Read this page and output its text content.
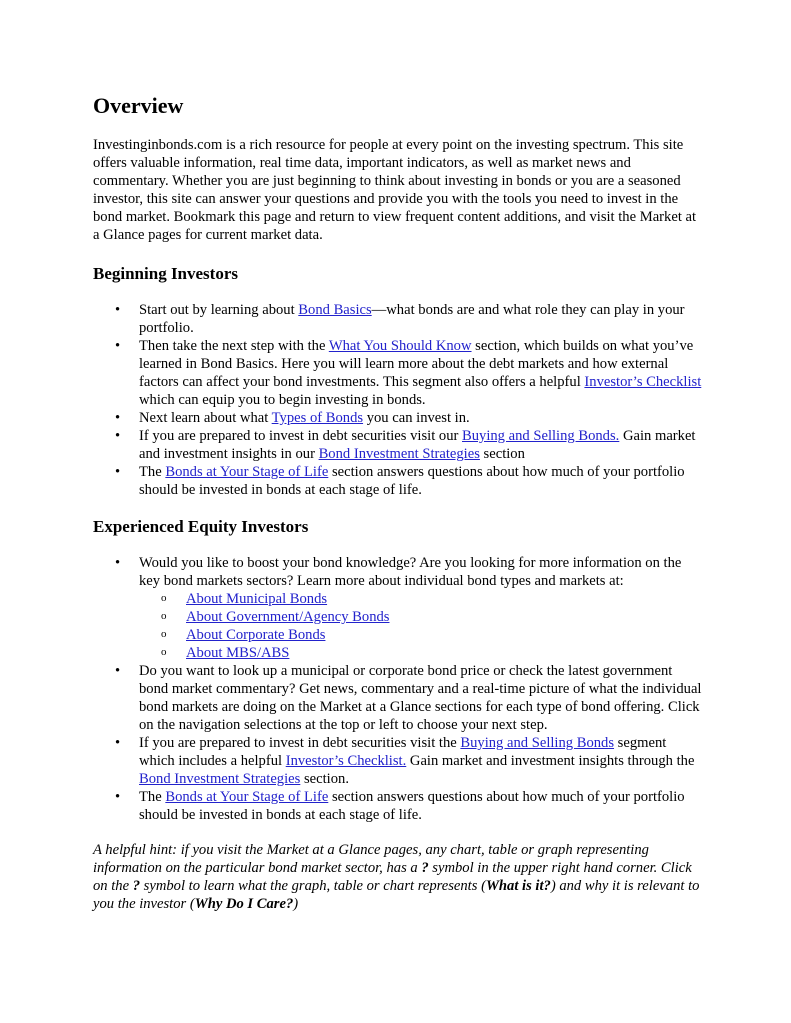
Overview

Investinginbonds.com is a rich resource for people at every point on the investing spectrum. This site offers valuable information, real time data, important indicators, as well as market news and commentary. Whether you are just beginning to think about investing in bonds or you are a seasoned investor, this site can answer your questions and provide you with the tools you need to invest in the bond market. Bookmark this page and return to view frequent content additions, and visit the Market at a Glance pages for current market data.

Beginning Investors
• Start out by learning about Bond Basics—what bonds are and what role they can play in your portfolio.
• Then take the next step with the What You Should Know section, which builds on what you’ve learned in Bond Basics. Here you will learn more about the debt markets and how external factors can affect your bond investments. This segment also offers a helpful Investor’s Checklist which can equip you to begin investing in bonds.
• Next learn about what Types of Bonds you can invest in.
• If you are prepared to invest in debt securities visit our Buying and Selling Bonds. Gain market and investment insights in our Bond Investment Strategies section
• The Bonds at Your Stage of Life section answers questions about how much of your portfolio should be invested in bonds at each stage of life.
Experienced Equity Investors
• Would you like to boost your bond knowledge? Are you looking for more information on the key bond markets sectors? Learn more about individual bond types and markets at:
o About Municipal Bonds
o About Government/Agency Bonds
o About Corporate Bonds
o About MBS/ABS
• Do you want to look up a municipal or corporate bond price or check the latest government bond market commentary? Get news, commentary and a real-time picture of what the individual bond markets are doing on the Market at a Glance sections for each type of bond offering. Click on the navigation selections at the top or left to choose your next step.
• If you are prepared to invest in debt securities visit the Buying and Selling Bonds segment which includes a helpful Investor’s Checklist. Gain market and investment insights through the Bond Investment Strategies section.
• The Bonds at Your Stage of Life section answers questions about how much of your portfolio should be invested in bonds at each stage of life.

A helpful hint: if you visit the Market at a Glance pages, any chart, table or graph representing information on the particular bond market sector, has a ? symbol in the upper right hand corner. Click on the ? symbol to learn what the graph, table or chart represents (What is it?) and why it is relevant to you the investor (Why Do I Care?)
